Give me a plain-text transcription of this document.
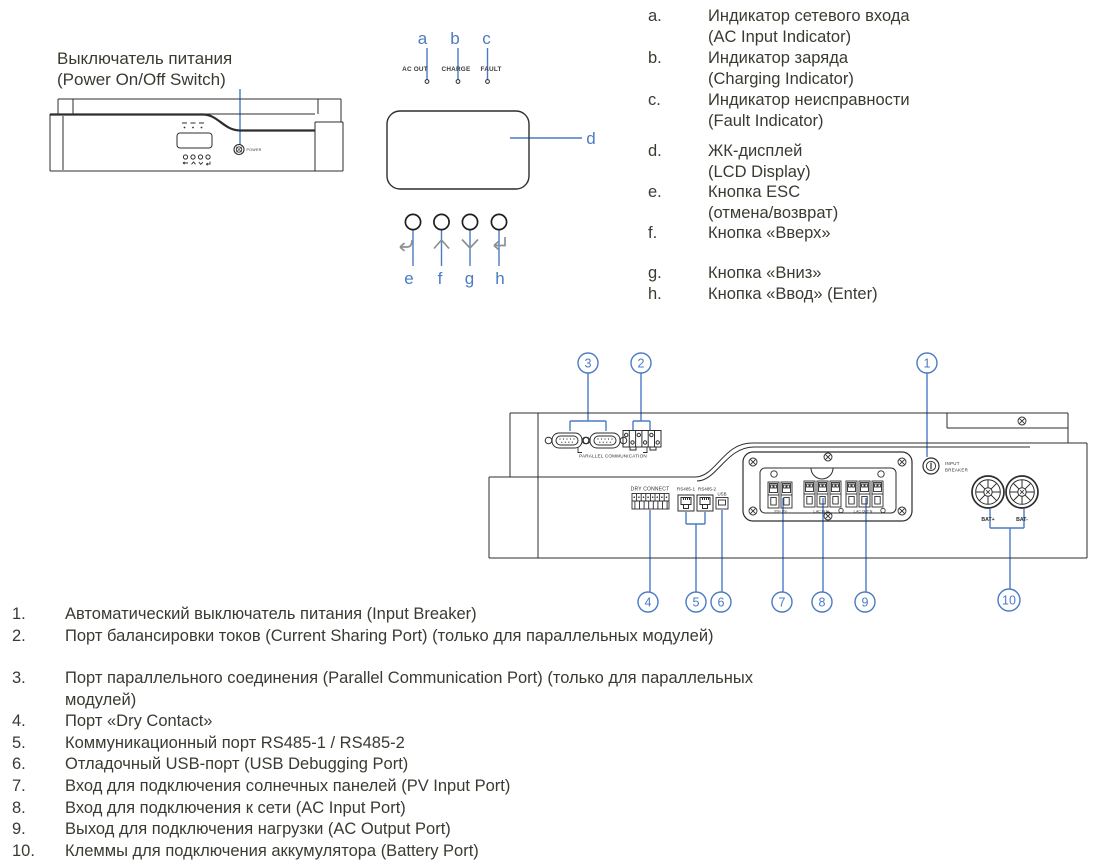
Выключатель питания
(Power On/Off Switch)
POWER
AC OUT CHARGE FAULT
a b c
d
e f g h
a.	Индикатор сетевого входа
(AC Input Indicator)
b.	Индикатор заряда
(Charging Indicator)
c.	Индикатор неисправности
(Fault Indicator)
d.	ЖК-дисплей
(LCD Display)
e.	Кнопка ESC
(отмена/возврат)
f.	Кнопка «Вверх»
g.	Кнопка «Вниз»
h.	Кнопка «Ввод» (Enter)
PARALLEL COMMUNICATION
DRY CONNECT RS485-1 RS485-2
USB
PV+ PV-	L AC IN N	L AC OUT N
INPUT
BREAKER
BAT+	BAT-
3	2	1
4	5 6	7	8	9	10
1.	Автоматический выключатель питания (Input Breaker)
2.	Порт балансировки токов (Current Sharing Port) (только для параллельных модулей)
3.	Порт параллельного соединения (Parallel Communication Port) (только для параллельных модулей)
4.	Порт «Dry Contact»
5.	Коммуникационный порт RS485-1 / RS485-2
6.	Отладочный USB-порт (USB Debugging Port)
7.	Вход для подключения солнечных панелей (PV Input Port)
8.	Вход для подключения к сети (AC Input Port)
9.	Выход для подключения нагрузки (AC Output Port)
10.	Клеммы для подключения аккумулятора (Battery Port)
